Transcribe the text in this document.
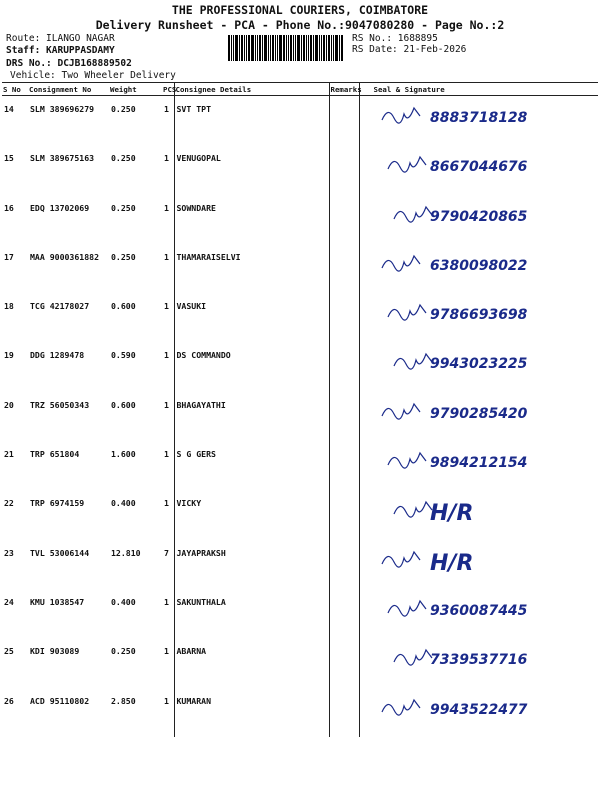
THE PROFESSIONAL COURIERS, COIMBATORE
Delivery Runsheet - PCA - Phone No.:9047080280 - Page No.:2
Route: ILANGO NAGAR
Staff: KARUPPASDAMY
DRS No.: DCJB168889502
Vehicle: Two Wheeler Delivery
RS No.: 1688895
RS Date: 21-Feb-2026
S No	Consignment No	Weight	PCS	Consignee Details	Remarks	Seal & Signature
14	SLM 389696279	0.250	1	SVT TPT		8883718128

15	SLM 389675163	0.250	1	VENUGOPAL		8667044676

16	EDQ 13702069	0.250	1	SOWNDARE		9790420865

17	MAA 9000361882	0.250	1	THAMARAISELVI		6380098022

18	TCG 42178027	0.600	1	VASUKI		9786693698

19	DDG 1289478	0.590	1	DS COMMANDO		9943023225

20	TRZ 56050343	0.600	1	BHAGAYATHI		9790285420

21	TRP 651804	1.600	1	S G GERS		9894212154

22	TRP 6974159	0.400	1	VICKY		H/R

23	TVL 53006144	12.810	7	JAYAPRAKSH		H/R

24	KMU 1038547	0.400	1	SAKUNTHALA		9360087445

25	KDI 903089	0.250	1	ABARNA		7339537716

26	ACD 95110802	2.850	1	KUMARAN		9943522477
